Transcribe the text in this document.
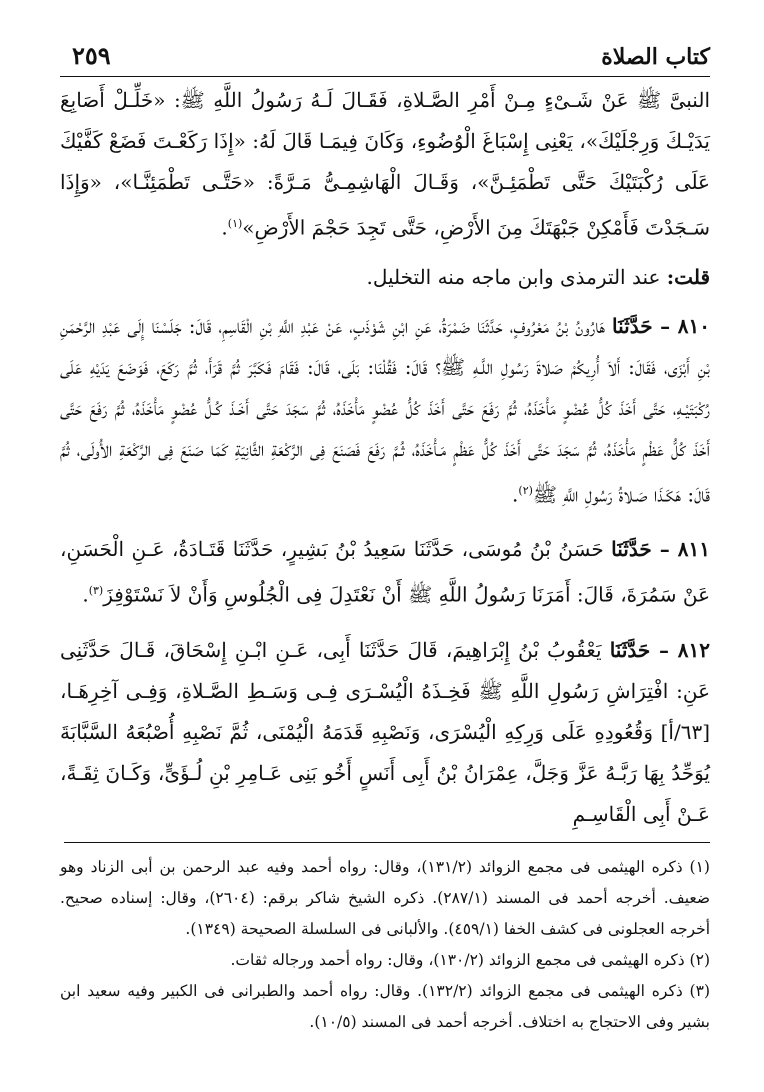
كتاب الصلاة
٢٥٩

النبىَّ ﷺ عَنْ شَـىْءٍ مِـنْ أَمْرِ الصَّـلاةِ، فَقَـالَ لَـهُ رَسُولُ اللَّهِ ﷺ: «خَلِّـلْ أَصَابِعَ يَدَيْـكَ وَرِجْلَيْكَ»، يَعْنِى إِسْبَاغَ الْوُضُوءِ، وَكَانَ فِيمَـا قَالَ لَهُ: «إِذَا رَكَعْـتَ فَضَعْ كَفَّيْكَ عَلَى رُكْبَتَيْكَ حَتَّى تَطْمَئِـنَّ»، وَقَـالَ الْهَاشِمِـىُّ مَـرَّةً: «حَتَّـى تَطْمَئِنَّـا»، «وَإِذَا سَـجَدْتَ فَأَمْكِنْ جَبْهَتَكَ مِنَ الأَرْضِ، حَتَّى تَجِدَ حَجْمَ الأَرْضِ»$^{(١)}$.

قلت: عند الترمذى وابن ماجه منه التخليل.

٨١٠ – حَدَّثَنَا هَارُونُ بْنُ مَعْرُوفٍ، حَدَّثَنَا ضَمْرَةُ، عَنِ ابْنِ شَوْذَبٍ، عَنْ عَبْدِ اللَّهِ بْنِ الْقَاسِمِ، قَالَ: جَلَسْنَا إِلَى عَبْدِ الرَّحْمَنِ بْنِ أَبْزَى، فَقَالَ: أَلاَ أُرِيكُمْ صَلاةَ رَسُولِ اللَّـهِ ﷺ؟ قَالَ: فَقُلْنَا: بَلَى، قَالَ: فَقَامَ فَكَبَّرَ ثُمَّ قَرَأَ، ثُمَّ رَكَعَ، فَوَضَعَ يَدَيْهِ عَلَى رُكْبَتَيْـهِ، حَتَّى أَخَذَ كُلُّ عُضْوٍ مَأْخَذَهُ، ثُمَّ رَفَعَ حَتَّى أَخَذَ كُلُّ عُضْوٍ مَأْخَذَهُ، ثُمَّ سَجَدَ حَتَّى أَخَـذَ كُـلُّ عُضْوٍ مَأْخَذَهُ، ثُمَّ رَفَعَ حَتَّى أَخَذَ كُلُّ عَظْمٍ مَأْخَذَهُ، ثُمَّ سَجَدَ حَتَّى أَخَذَ كُلُّ عَظْمٍ مَـأْخَذَهُ، ثُـمَّ رَفَعَ فَصَنَعَ فِى الرَّكْعَةِ الثَّانِيَةِ كَمَا صَنَعَ فِى الرَّكْعَةِ الأُولَى، ثُمَّ قَالَ: هَكَـذَا صَـلاةُ رَسُولِ اللَّهِ ﷺ$^{(٢)}$.

٨١١ – حَدَّثَنَا حَسَنُ بْنُ مُوسَى، حَدَّثَنَا سَعِيدُ بْنُ بَشِيرٍ، حَدَّثَنَا قَتَـادَةُ، عَـنِ الْحَسَنِ، عَنْ سَمُرَةَ، قَالَ: أَمَرَنَا رَسُولُ اللَّهِ ﷺ أَنْ نَعْتَدِلَ فِى الْجُلُوسِ وَأَنْ لاَ نَسْتَوْفِزَ$^{(٣)}$.

٨١٢ – حَدَّثَنَا يَعْقُوبُ بْنُ إِبْرَاهِيمَ، قَالَ حَدَّثَنَا أَبِى، عَـنِ ابْـنِ إِسْحَاقَ، قَـالَ حَدَّثَنِى عَنِ: افْتِرَاشِ رَسُولِ اللَّهِ ﷺ فَخِـذَهُ الْيُسْـرَى فِـى وَسَـطِ الصَّـلاةِ، وَفِـى آخِرِهَـا، [٦٣/أ] وَقُعُودِهِ عَلَى وَرِكِهِ الْيُسْرَى، وَنَصْبِهِ قَدَمَهُ الْيُمْنَى، ثُمَّ نَصْبِهِ أُصْبُعَهُ السَّبَّابَةَ يُوَحِّدُ بِهَا رَبَّـهُ عَزَّ وَجَلَّ، عِمْرَانُ بْنُ أَبِى أَنَسٍ أَخُو بَنِى عَـامِرِ بْنِ لُـؤَىٍّ، وَكَـانَ ثِقَـةً، عَـنْ أَبِى الْقَاسِـمِ

(١) ذكره الهيثمى فى مجمع الزوائد (١٣١/٢)، وقال: رواه أحمد وفيه عبد الرحمن بن أبى الزناد وهو ضعيف. أخرجه أحمد فى المسند (٢٨٧/١). ذكره الشيخ شاكر برقم: (٢٦٠٤)، وقال: إسناده صحيح. أخرجه العجلونى فى كشف الخفا (٤٥٩/١). والألبانى فى السلسلة الصحيحة (١٣٤٩).

(٢) ذكره الهيثمى فى مجمع الزوائد (١٣٠/٢)، وقال: رواه أحمد ورجاله ثقات.

(٣) ذكره الهيثمى فى مجمع الزوائد (١٣٢/٢). وقال: رواه أحمد والطبرانى فى الكبير وفيه سعيد ابن بشير وفى الاحتجاج به اختلاف. أخرجه أحمد فى المسند (١٠/٥).
